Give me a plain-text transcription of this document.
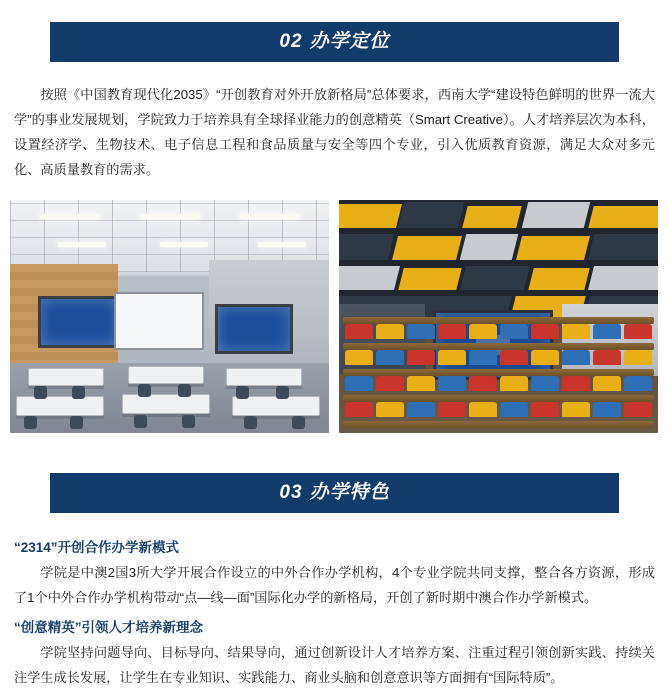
02 办学定位
按照《中国教育现代化2035》“开创教育对外开放新格局”总体要求，西南大学“建设特色鲜明的世界一流大学”的事业发展规划，学院致力于培养具有全球择业能力的创意精英（Smart Creative）。人才培养层次为本科，设置经济学、生物技术、电子信息工程和食品质量与安全等四个专业，引入优质教育资源，满足大众对多元化、高质量教育的需求。
03 办学特色
“2314”开创合作办学新模式
学院是中澳2国3所大学开展合作设立的中外合作办学机构，4个专业学院共同支撑，整合各方资源，形成了1个中外合作办学机构带动“点—线—面”国际化办学的新格局，开创了新时期中澳合作办学新模式。
“创意精英”引领人才培养新理念
学院坚持问题导向、目标导向、结果导向，通过创新设计人才培养方案、注重过程引领创新实践、持续关注学生成长发展，让学生在专业知识、实践能力、商业头脑和创意意识等方面拥有“国际特质”。
